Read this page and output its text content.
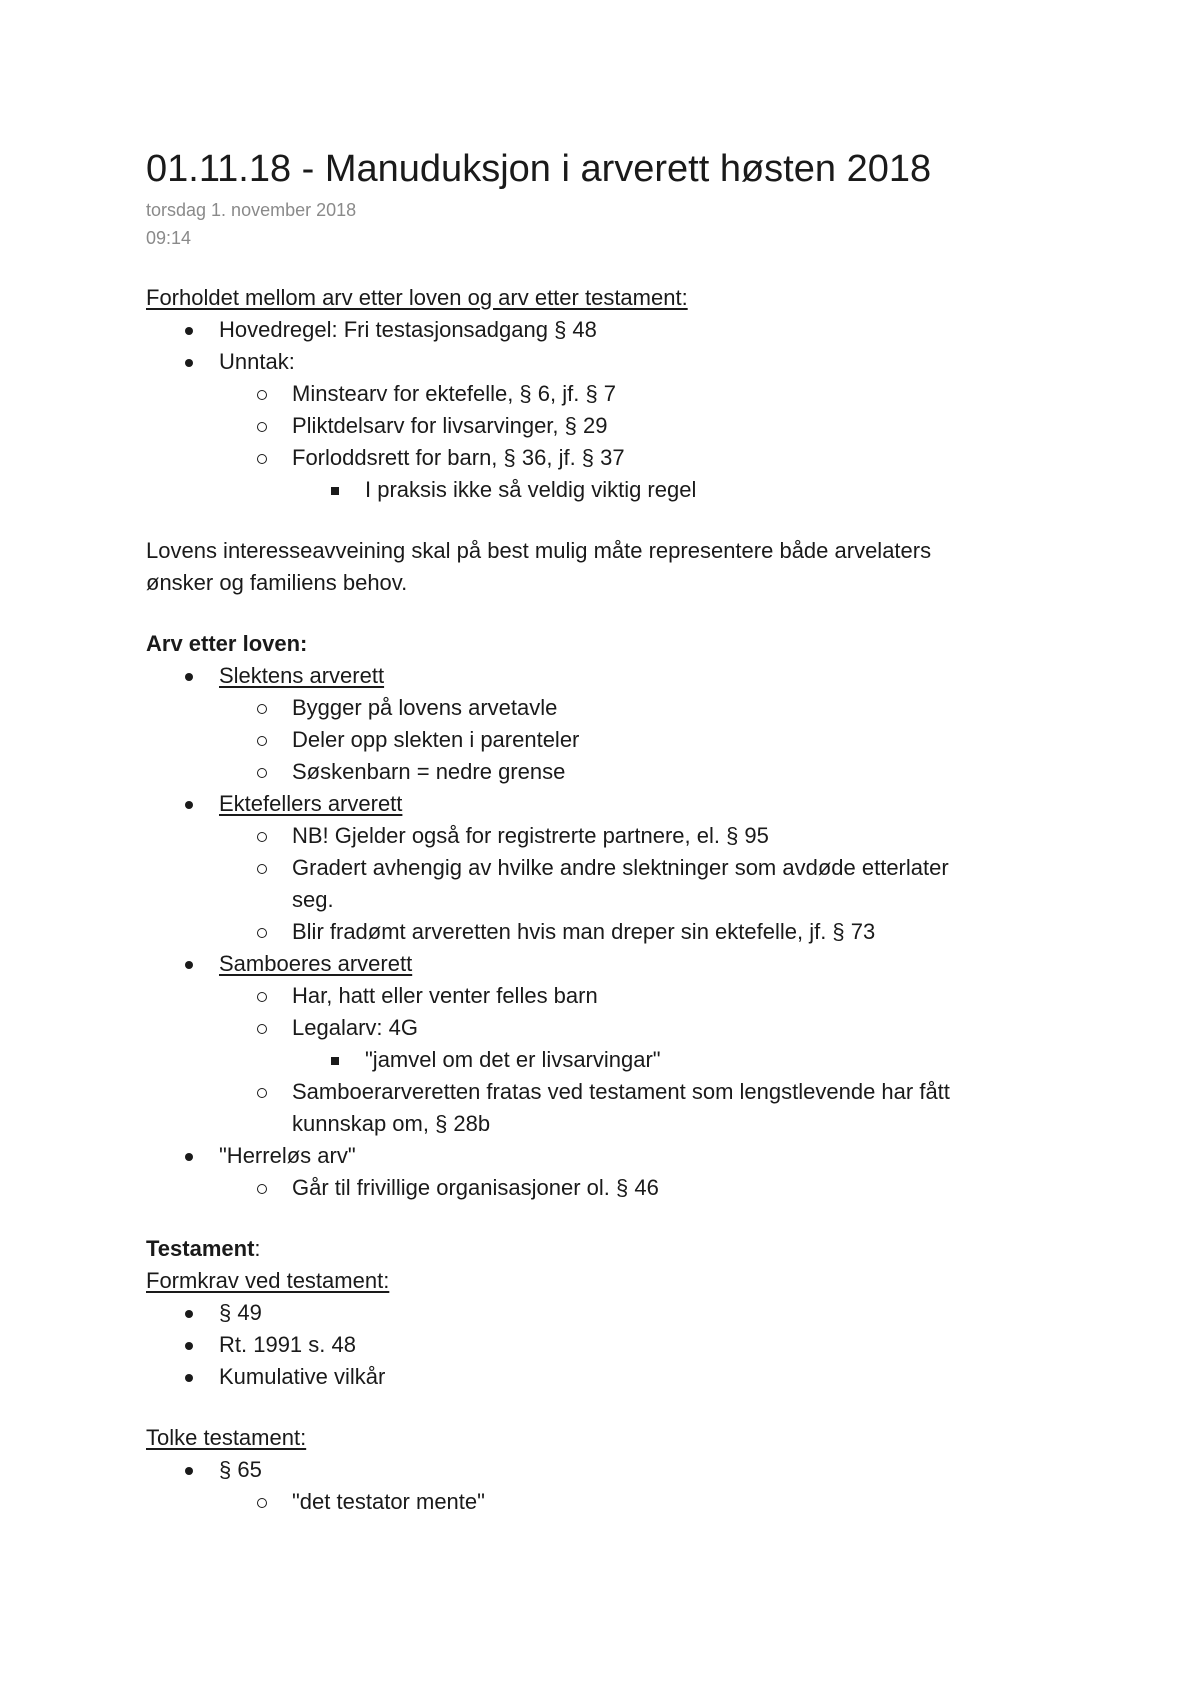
01.11.18 - Manuduksjon i arverett høsten 2018
torsdag 1. november 2018
09:14
Forholdet mellom arv etter loven og arv etter testament:
Hovedregel: Fri testasjonsadgang § 48
Unntak:
Minstearv for ektefelle, § 6, jf. § 7
Pliktdelsarv for livsarvinger, § 29
Forloddsrett for barn, § 36, jf. § 37
I praksis ikke så veldig viktig regel
Lovens interesseavveining skal på best mulig måte representere både arvelaters
ønsker og familiens behov.
Arv etter loven:
Slektens arverett
Bygger på lovens arvetavle
Deler opp slekten i parenteler
Søskenbarn = nedre grense
Ektefellers arverett
NB! Gjelder også for registrerte partnere, el. § 95
Gradert avhengig av hvilke andre slektninger som avdøde etterlater
seg.
Blir fradømt arveretten hvis man dreper sin ektefelle, jf. § 73
Samboeres arverett
Har, hatt eller venter felles barn
Legalarv: 4G
"jamvel om det er livsarvingar"
Samboerarveretten fratas ved testament som lengstlevende har fått
kunnskap om, § 28b
"Herreløs arv"
Går til frivillige organisasjoner ol. § 46
Testament:
Formkrav ved testament:
§ 49
Rt. 1991 s. 48
Kumulative vilkår
Tolke testament:
§ 65
"det testator mente"
